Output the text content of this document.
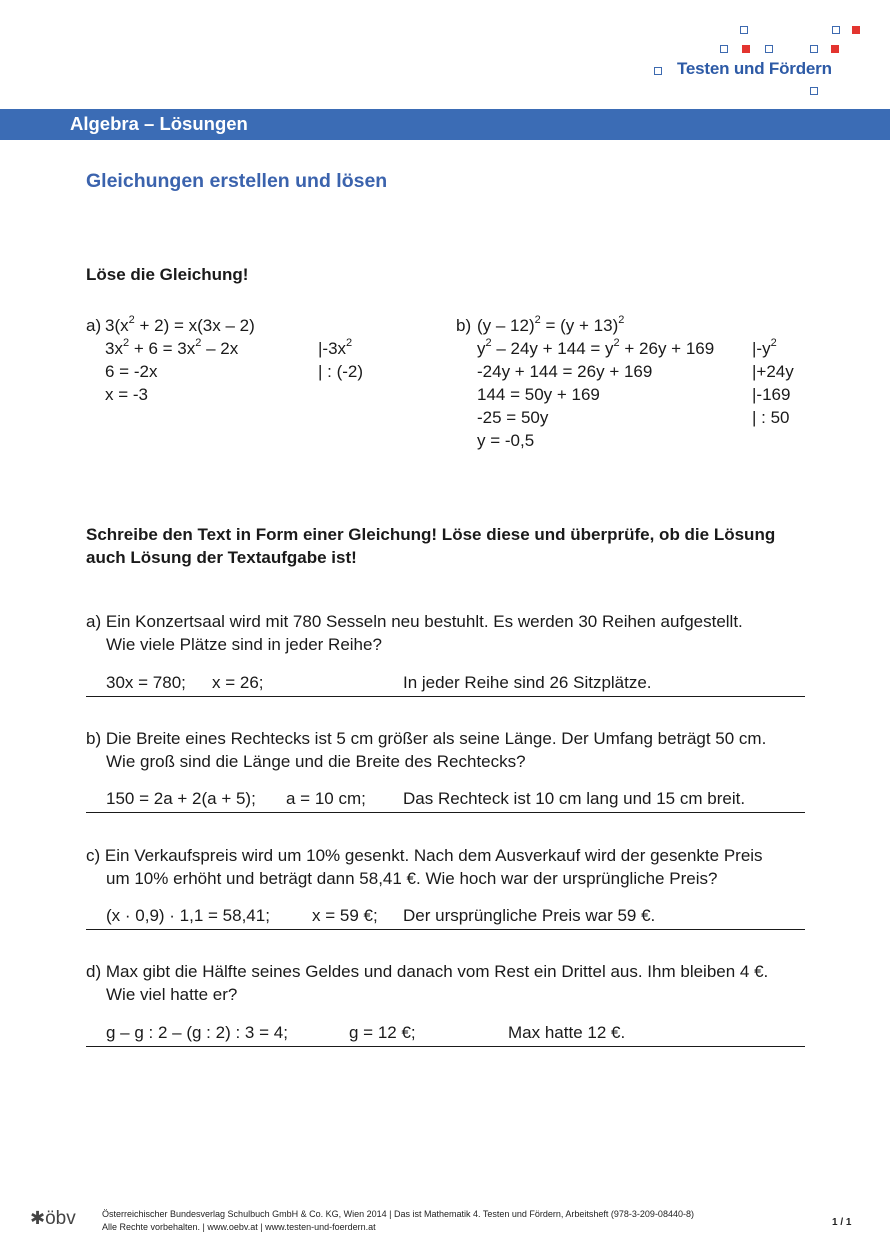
Testen und Fördern
Algebra – Lösungen
Gleichungen erstellen und lösen
Löse die Gleichung!
a) $3(x^2 + 2) = x(3x - 2)$
$3x^2 + 6 = 3x^2 - 2x$	$|-3x^2$
6 = -2x	| : (-2)
x = -3
b) $(y - 12)^2 = (y + 13)^2$
$y^2 - 24y + 144 = y^2 + 26y + 169$ $|-y^2$
-24y + 144 = 26y + 169	|+24y
144 = 50y + 169	|-169
-25 = 50y	| : 50
y = -0,5
Schreibe den Text in Form einer Gleichung! Löse diese und überprüfe, ob die Lösung
auch Lösung der Textaufgabe ist!
a) Ein Konzertsaal wird mit 780 Sesseln neu bestuhlt. Es werden 30 Reihen aufgestellt.
Wie viele Plätze sind in jeder Reihe?
30x = 780; x = 26;	In jeder Reihe sind 26 Sitzplätze.
b) Die Breite eines Rechtecks ist 5 cm größer als seine Länge. Der Umfang beträgt 50 cm.
Wie groß sind die Länge und die Breite des Rechtecks?
150 = 2a + 2(a + 5); a = 10 cm; Das Rechteck ist 10 cm lang und 15 cm breit.
c) Ein Verkaufspreis wird um 10% gesenkt. Nach dem Ausverkauf wird der gesenkte Preis
um 10% erhöht und beträgt dann 58,41 €. Wie hoch war der ursprüngliche Preis?
(x · 0,9) · 1,1 = 58,41; x = 59 €; Der ursprüngliche Preis war 59 €.
d) Max gibt die Hälfte seines Geldes und danach vom Rest ein Drittel aus. Ihm bleiben 4 €.
Wie viel hatte er?
g – g : 2 – (g : 2) : 3 = 4;	g = 12 €;	Max hatte 12 €.
✱öbv	Österreichischer Bundesverlag Schulbuch GmbH & Co. KG, Wien 2014 | Das ist Mathematik 4. Testen und Fördern, Arbeitsheft (978-3-209-08440-8)
Alle Rechte vorbehalten. | www.oebv.at | www.testen-und-foerdern.at	1 / 1
